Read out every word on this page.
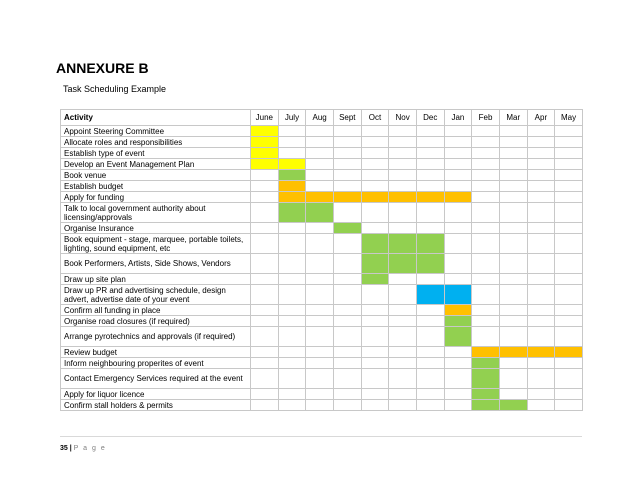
ANNEXURE B

Task Scheduling Example

Activity	June	July	Aug	Sept	Oct	Nov	Dec	Jan	Feb	Mar	Apr	May
Appoint Steering Committee												
Allocate roles and responsibilities												
Establish type of event												
Develop an Event Management Plan												
Book venue												
Establish budget												
Apply for funding												
Talk to local government authority about licensing/approvals												
Organise Insurance												
Book equipment - stage, marquee, portable toilets, lighting, sound equipment, etc												
Book Performers, Artists, Side Shows, Vendors												
Draw up site plan												
Draw up PR and advertising schedule, design advert, advertise date of your event												
Confirm all funding in place												
Organise road closures (if required)												
Arrange pyrotechnics and approvals (if required)												
Review budget												
Inform neighbouring properites of event												
Contact Emergency Services required at the event												
Apply for liquor licence												
Confirm stall holders & permits												
35 | P a g e
